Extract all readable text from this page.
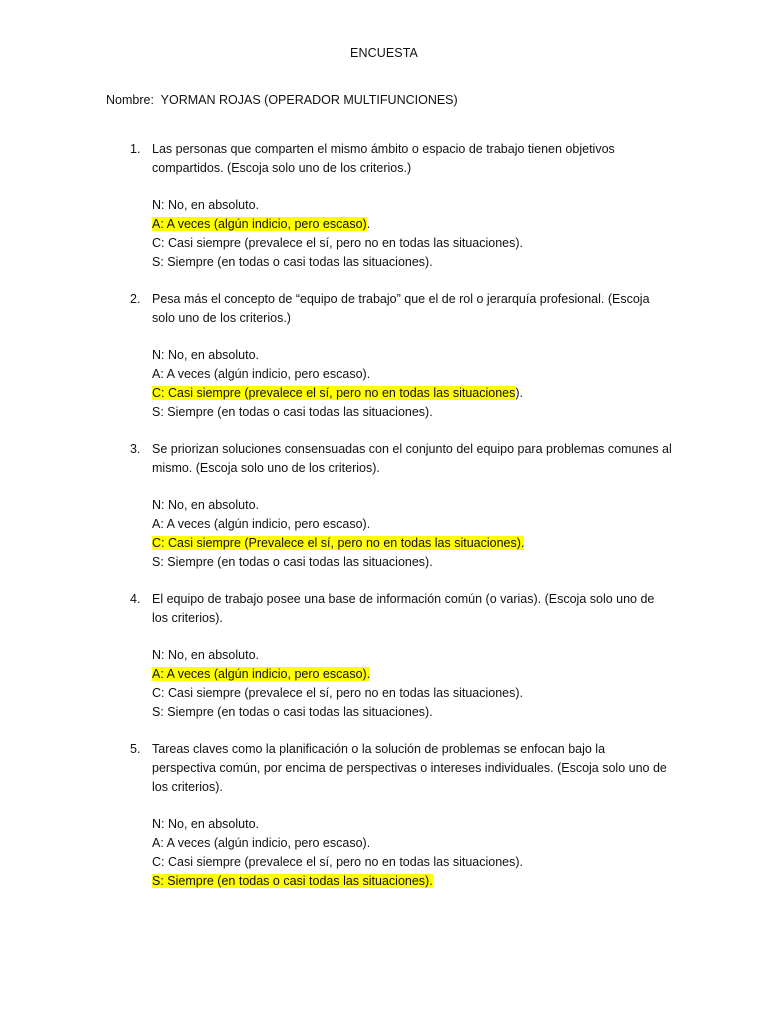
ENCUESTA
Nombre: YORMAN ROJAS (OPERADOR MULTIFUNCIONES)
1. Las personas que comparten el mismo ámbito o espacio de trabajo tienen objetivos compartidos. (Escoja solo uno de los criterios.)
N: No, en absoluto.
A: A veces (algún indicio, pero escaso).
C: Casi siempre (prevalece el sí, pero no en todas las situaciones).
S: Siempre (en todas o casi todas las situaciones).
2. Pesa más el concepto de “equipo de trabajo” que el de rol o jerarquía profesional. (Escoja solo uno de los criterios.)
N: No, en absoluto.
A: A veces (algún indicio, pero escaso).
C: Casi siempre (prevalece el sí, pero no en todas las situaciones).
S: Siempre (en todas o casi todas las situaciones).
3. Se priorizan soluciones consensuadas con el conjunto del equipo para problemas comunes al mismo. (Escoja solo uno de los criterios).
N: No, en absoluto.
A: A veces (algún indicio, pero escaso).
C: Casi siempre (Prevalece el sí, pero no en todas las situaciones).
S: Siempre (en todas o casi todas las situaciones).
4. El equipo de trabajo posee una base de información común (o varias). (Escoja solo uno de los criterios).
N: No, en absoluto.
A: A veces (algún indicio, pero escaso).
C: Casi siempre (prevalece el sí, pero no en todas las situaciones).
S: Siempre (en todas o casi todas las situaciones).
5. Tareas claves como la planificación o la solución de problemas se enfocan bajo la perspectiva común, por encima de perspectivas o intereses individuales. (Escoja solo uno de los criterios).
N: No, en absoluto.
A: A veces (algún indicio, pero escaso).
C: Casi siempre (prevalece el sí, pero no en todas las situaciones).
S: Siempre (en todas o casi todas las situaciones).
